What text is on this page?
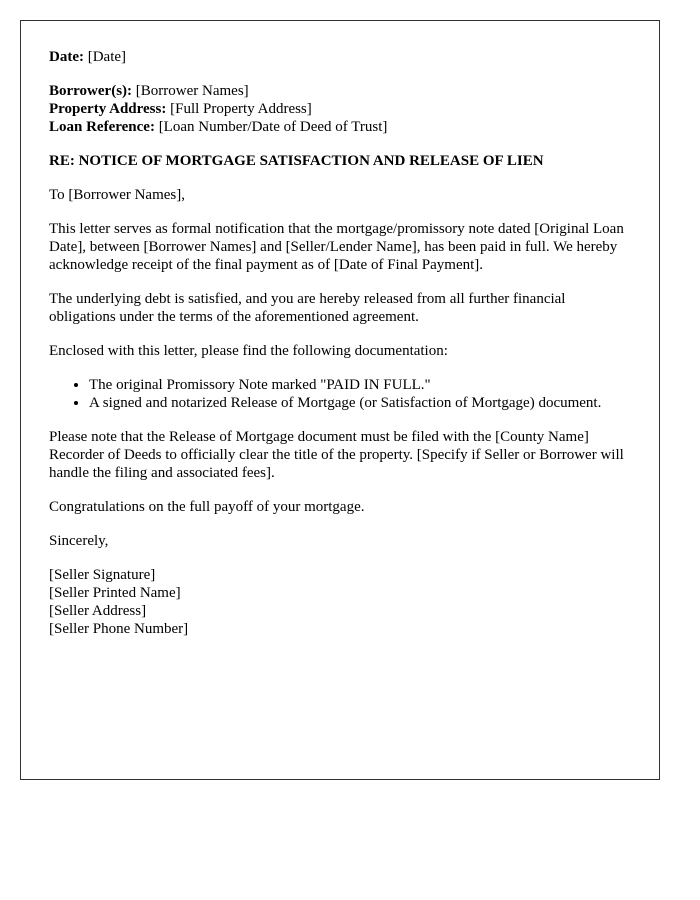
Date: [Date]

Borrower(s): [Borrower Names]
Property Address: [Full Property Address]
Loan Reference: [Loan Number/Date of Deed of Trust]

RE: NOTICE OF MORTGAGE SATISFACTION AND RELEASE OF LIEN

To [Borrower Names],

This letter serves as formal notification that the mortgage/promissory note dated [Original Loan Date], between [Borrower Names] and [Seller/Lender Name], has been paid in full. We hereby acknowledge receipt of the final payment as of [Date of Final Payment].

The underlying debt is satisfied, and you are hereby released from all further financial obligations under the terms of the aforementioned agreement.

Enclosed with this letter, please find the following documentation:

• The original Promissory Note marked "PAID IN FULL."
• A signed and notarized Release of Mortgage (or Satisfaction of Mortgage) document.

Please note that the Release of Mortgage document must be filed with the [County Name] Recorder of Deeds to officially clear the title of the property. [Specify if Seller or Borrower will handle the filing and associated fees].

Congratulations on the full payoff of your mortgage.

Sincerely,

[Seller Signature]
[Seller Printed Name]
[Seller Address]
[Seller Phone Number]
